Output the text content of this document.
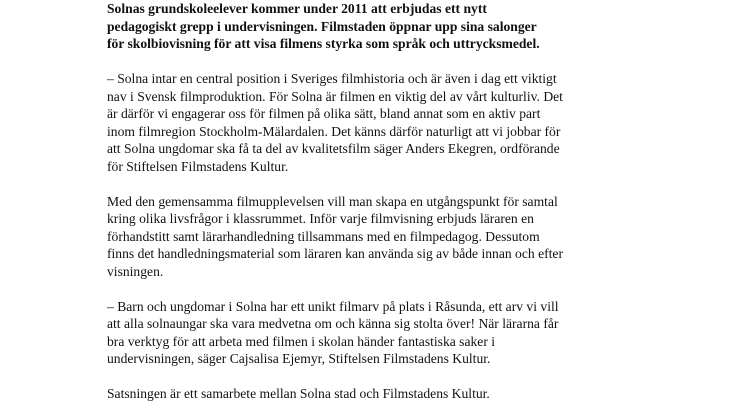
Solnas grundskoleelever kommer under 2011 att erbjudas ett nytt
pedagogiskt grepp i undervisningen. Filmstaden öppnar upp sina salonger
för skolbiovisning för att visa filmens styrka som språk och uttrycksmedel.

– Solna intar en central position i Sveriges filmhistoria och är även i dag ett viktigt
nav i Svensk filmproduktion. För Solna är filmen en viktig del av vårt kulturliv. Det
är därför vi engagerar oss för filmen på olika sätt, bland annat som en aktiv part
inom filmregion Stockholm-Mälardalen. Det känns därför naturligt att vi jobbar för
att Solna ungdomar ska få ta del av kvalitetsfilm säger Anders Ekegren, ordförande
för Stiftelsen Filmstadens Kultur.

Med den gemensamma filmupplevelsen vill man skapa en utgångspunkt för samtal
kring olika livsfrågor i klassrummet. Inför varje filmvisning erbjuds läraren en
förhandstitt samt lärarhandledning tillsammans med en filmpedagog. Dessutom
finns det handledningsmaterial som läraren kan använda sig av både innan och efter
visningen.

– Barn och ungdomar i Solna har ett unikt filmarv på plats i Råsunda, ett arv vi vill
att alla solnaungar ska vara medvetna om och känna sig stolta över! När lärarna får
bra verktyg för att arbeta med filmen i skolan händer fantastiska saker i
undervisningen, säger Cajsalisa Ejemyr, Stiftelsen Filmstadens Kultur.

Satsningen är ett samarbete mellan Solna stad och Filmstadens Kultur.
